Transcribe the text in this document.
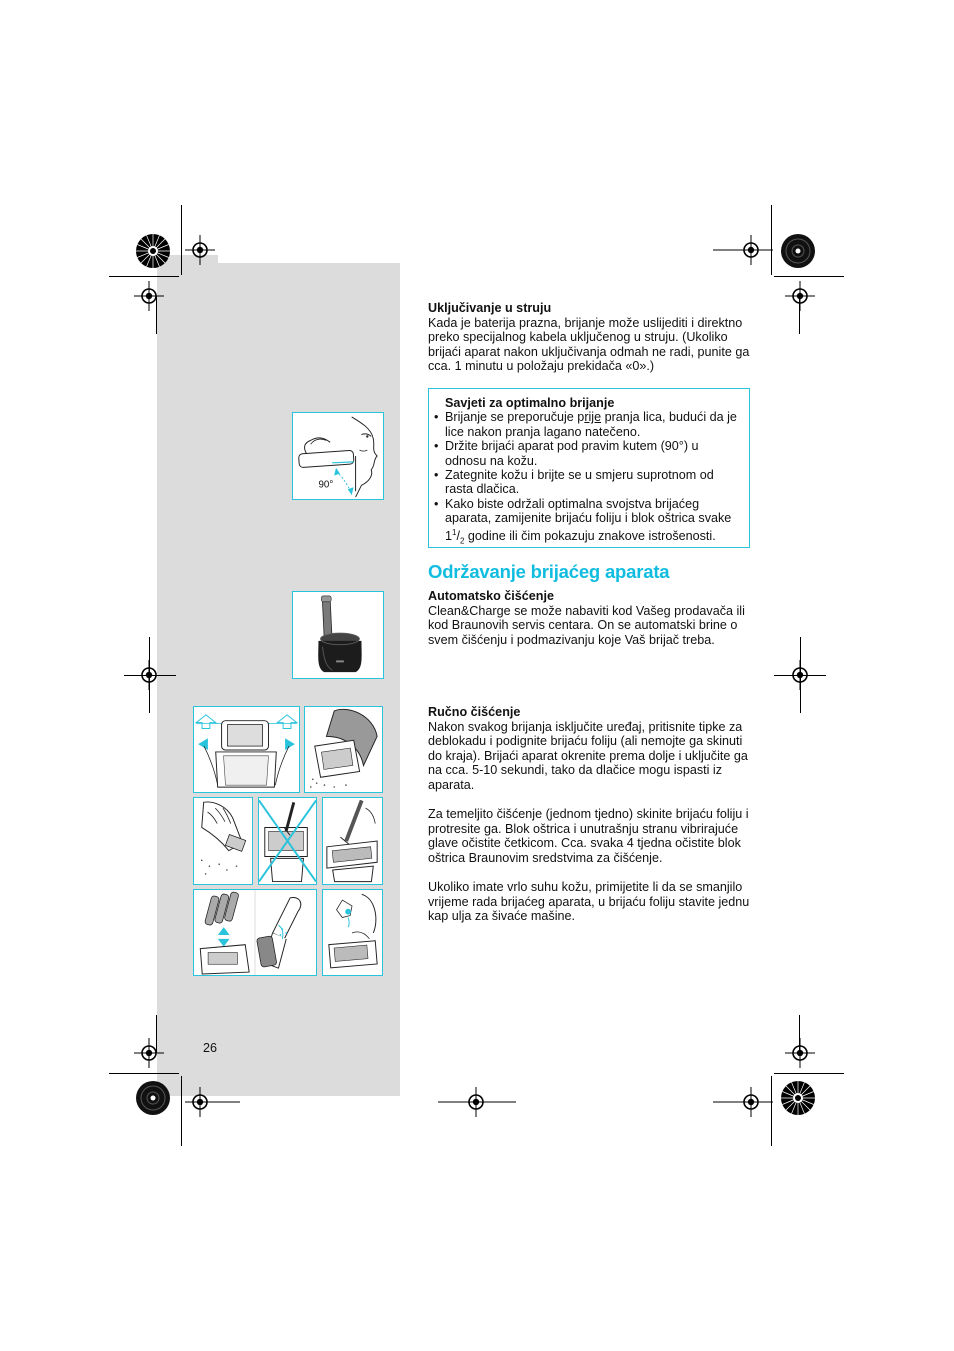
Uključivanje u struju

Kada je baterija prazna, brijanje može uslijediti i direktno preko specijalnog kabela uključenog u struju. (Ukoliko brijaći aparat nakon uključivanja odmah ne radi, punite ga cca. 1 minutu u položaju prekidača «0».)

Savjeti za optimalno brijanje
• Brijanje se preporučuje prije pranja lica, budući da je lice nakon pranja lagano natečeno.
• Držite brijaći aparat pod pravim kutem (90°) u odnosu na kožu.
• Zategnite kožu i brijte se u smjeru suprotnom od rasta dlačica.
• Kako biste održali optimalna svojstva brijaćeg aparata, zamijenite brijaću foliju i blok oštrica svake $1^1/_2$ godine ili čim pokazuju znakove istrošenosti.
Održavanje brijaćeg aparata

Automatsko čišćenje

Clean&Charge se može nabaviti kod Vašeg prodavača ili kod Braunovih servis centara. On se automatski brine o svem čišćenju i podmazivanju koje Vaš brijač treba.

Ručno čišćenje

Nakon svakog brijanja isključite uređaj, pritisnite tipke za deblokadu i podignite brijaću foliju (ali nemojte ga skinuti do kraja). Brijaći aparat okrenite prema dolje i uključite ga na cca. 5-10 sekundi, tako da dlačice mogu ispasti iz aparata.

Za temeljito čišćenje (jednom tjedno) skinite brijaću foliju i protresite ga. Blok oštrica i unutrašnju stranu vibrirajuće glave očistite četkicom. Cca. svaka 4 tjedna očistite blok oštrica Braunovim sredstvima za čišćenje.

Ukoliko imate vrlo suhu kožu, primijetite li da se smanjilo vrijeme rada brijaćeg aparata, u brijaću foliju stavite jednu kap ulja za šivaće mašine.

26
90°
